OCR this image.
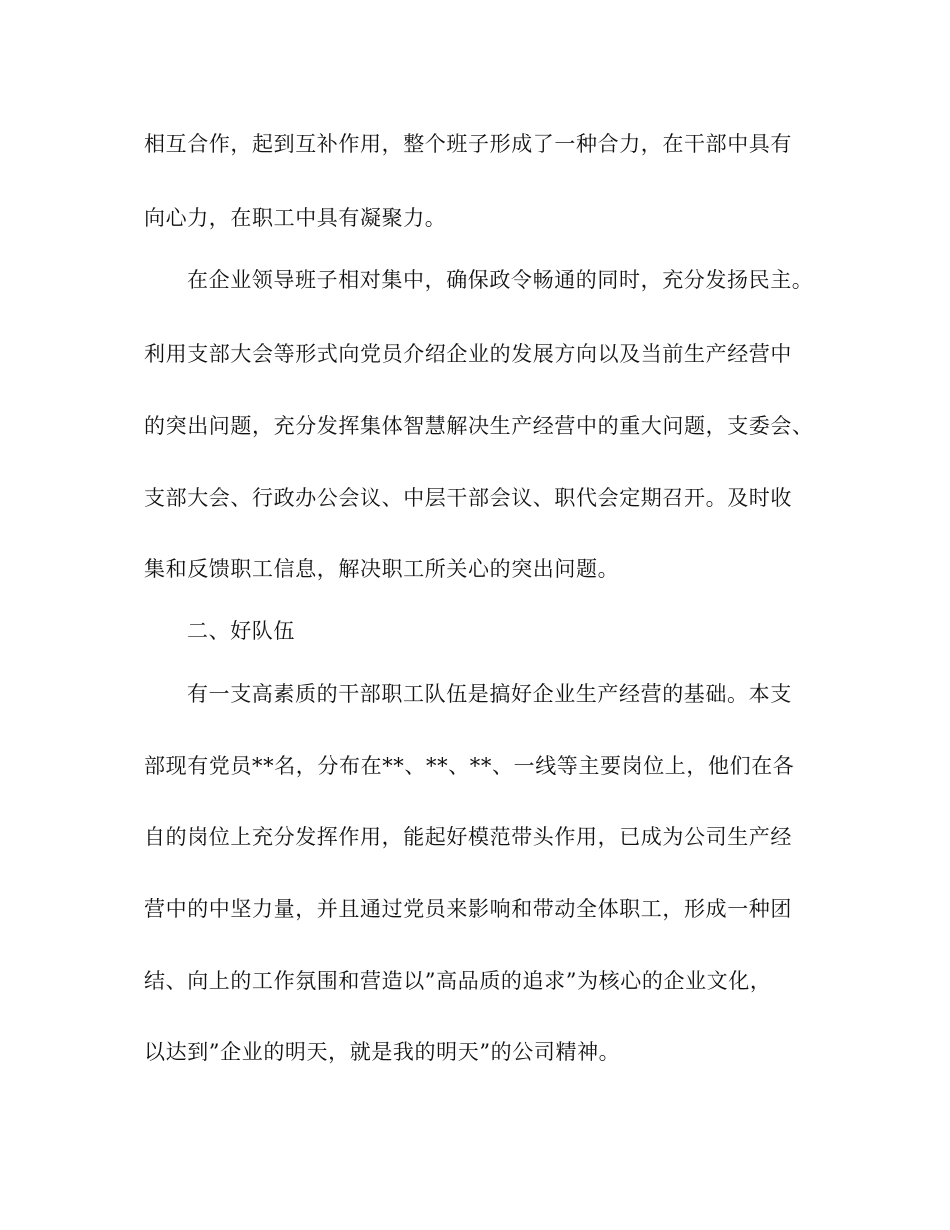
相互合作，起到互补作用，整个班子形成了一种合力，在干部中具有
向心力，在职工中具有凝聚力。
在企业领导班子相对集中，确保政令畅通的同时，充分发扬民主。
利用支部大会等形式向党员介绍企业的发展方向以及当前生产经营中
的突出问题，充分发挥集体智慧解决生产经营中的重大问题，支委会、
支部大会、行政办公会议、中层干部会议、职代会定期召开。及时收
集和反馈职工信息，解决职工所关心的突出问题。
二、好队伍
有一支高素质的干部职工队伍是搞好企业生产经营的基础。本支
部现有党员**名，分布在**、**、**、一线等主要岗位上，他们在各
自的岗位上充分发挥作用，能起好模范带头作用，已成为公司生产经
营中的中坚力量，并且通过党员来影响和带动全体职工，形成一种团
结、向上的工作氛围和营造以”高品质的追求”为核心的企业文化，
以达到”企业的明天，就是我的明天”的公司精神。
